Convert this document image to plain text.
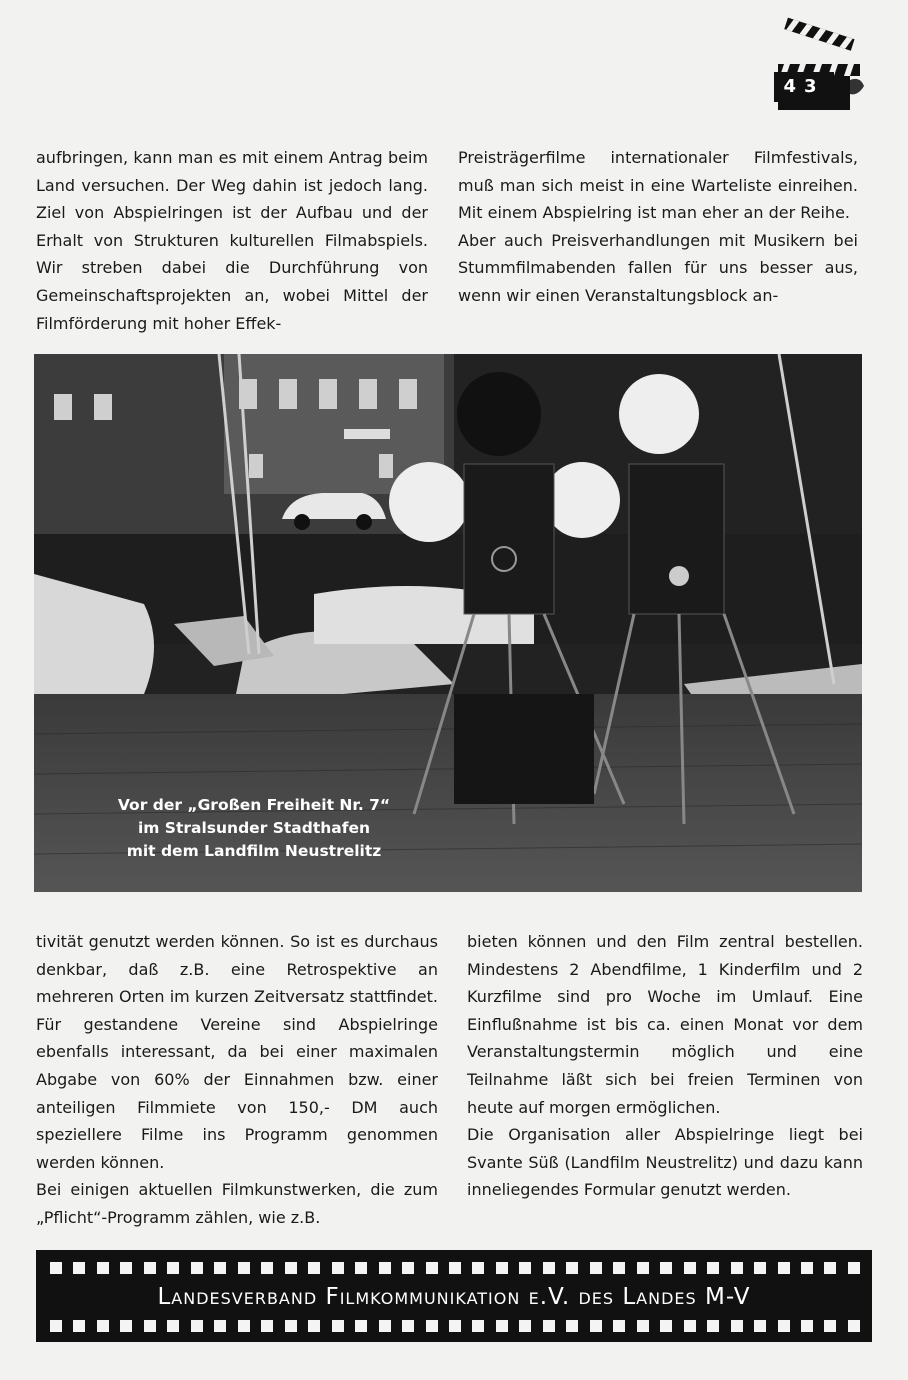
43

aufbringen, kann man es mit einem Antrag beim Land versuchen. Der Weg dahin ist jedoch lang. Ziel von Abspielringen ist der Aufbau und der Erhalt von Strukturen kulturellen Filmabspiels. Wir streben dabei die Durchführung von Gemeinschaftsprojekten an, wobei Mittel der Filmförderung mit hoher Effek-

Preisträgerfilme internationaler Filmfestivals, muß man sich meist in eine Warteliste einreihen. Mit einem Abspielring ist man eher an der Reihe.

Aber auch Preisverhandlungen mit Musikern bei Stummfilmabenden fallen für uns besser aus, wenn wir einen Veranstaltungsblock an-

Vor der „Großen Freiheit Nr. 7“
im Stralsunder Stadthafen
mit dem Landfilm Neustrelitz

tivität genutzt werden können. So ist es durchaus denkbar, daß z.B. eine Retrospektive an mehreren Orten im kurzen Zeitversatz stattfindet. Für gestandene Vereine sind Abspielringe ebenfalls interessant, da bei einer maximalen Abgabe von 60% der Einnahmen bzw. einer anteiligen Filmmiete von 150,- DM auch speziellere Filme ins Programm genommen werden können.

Bei einigen aktuellen Filmkunstwerken, die zum „Pflicht“-Programm zählen, wie z.B.

bieten können und den Film zentral bestellen. Mindestens 2 Abendfilme, 1 Kinderfilm und 2 Kurzfilme sind pro Woche im Umlauf. Eine Einflußnahme ist bis ca. einen Monat vor dem Veranstaltungstermin möglich und eine Teilnahme läßt sich bei freien Terminen von heute auf morgen ermöglichen.

Die Organisation aller Abspielringe liegt bei Svante Süß (Landfilm Neustrelitz) und dazu kann inneliegendes Formular genutzt werden.

Landesverband Filmkommunikation e.V. des Landes M-V
